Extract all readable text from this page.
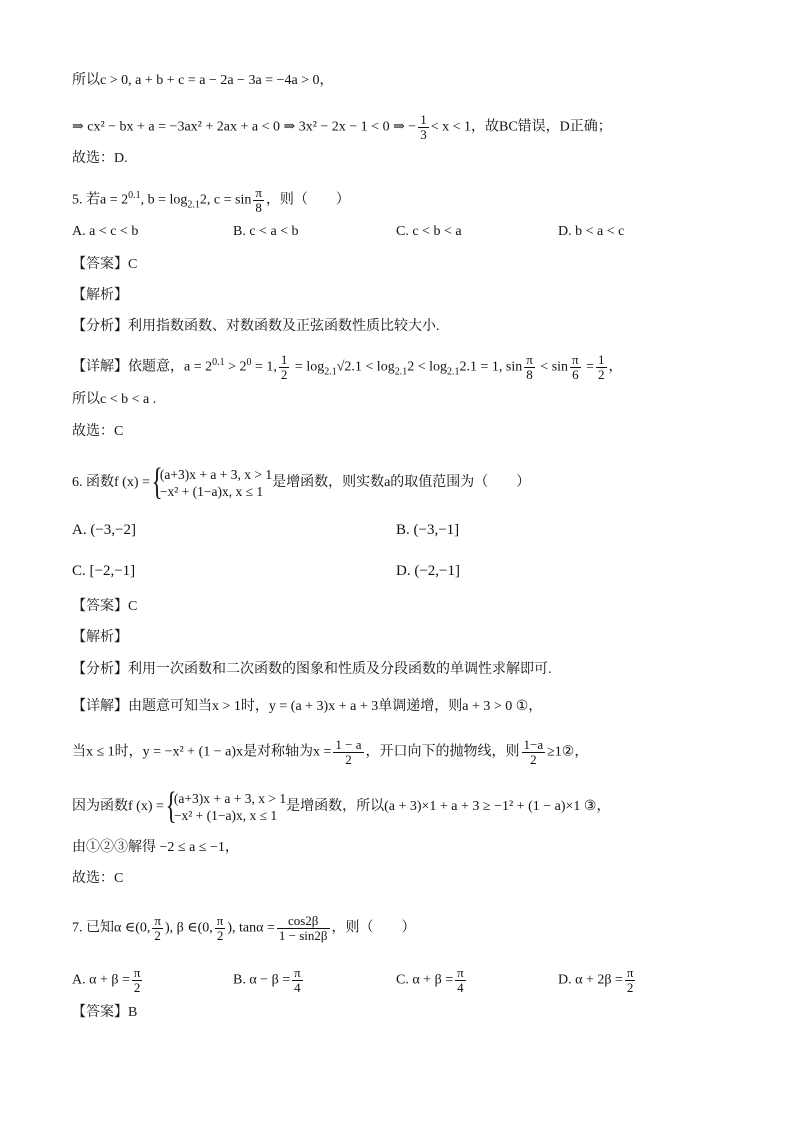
所以c > 0, a + b + c = a − 2a − 3a = −4a > 0，
⇒ cx² − bx + a = −3ax² + 2ax + a < 0 ⇒ 3x² − 2x − 1 < 0 ⇒ − $\frac{1}{3} < x < 1$，故BC错误，D正确；
故选：D.
5. 若$a = 2^{0.1}$, $b = \log_{2.1}2$, $c = \sin \frac{\pi}{8}$ ，则（　　）
A. a < c < b	B. c < a < b	C. c < b < a	D. b < a < c
【答案】C
【解析】
【分析】利用指数函数、对数函数及正弦函数性质比较大小.
【详解】依题意，$a = 2^{0.1} > 2^0 = 1$, $\frac{1}{2} = \log_{2.1}√2.1 < \log_{2.1}2 < \log_{2.1}2.1 = 1$, $\sin \frac{\pi}{8} < \sin \frac{\pi}{6} = \frac{1}{2}$ ，
所以c < b < a .
故选：C
6. 函数f (x) ={ (a+3)x + a + 3, x > 1
−x² + (1−a)x, x ≤ 1是增函数，则实数a的取值范围为（　　）
A. (−3,−2]	B. (−3,−1]
C. [−2,−1]	D. (−2,−1]
【答案】C
【解析】
【分析】利用一次函数和二次函数的图象和性质及分段函数的单调性求解即可.
【详解】由题意可知当x > 1时，y = (a + 3)x + a + 3单调递增，则a + 3 > 0 ①，
当x ≤ 1时，y = −x² + (1 − a)x是对称轴为$x = \frac{1 - a}{2}$ ，开口向下的抛物线，则 $\frac{1-a}{2}$ ≥1②，
因为函数f (x) ={ (a+3)x + a + 3, x > 1
−x² + (1−a)x, x ≤ 1是增函数，所以(a + 3)×1 + a + 3 ≥ −1² + (1 − a)×1 ③，
由①②③解得 −2 ≤ a ≤ −1，
故选：C
7. 已知α ∈(0, $\frac{\pi}{2}$ ), β ∈(0, $\frac{\pi}{2}$ ), $\tan\alpha = \frac{\cos 2\beta}{1 - \sin 2\beta}$ ，则（　　）
A. $\alpha + \beta = \frac{\pi}{2}$	B. $\alpha - \beta = \frac{\pi}{4}$	C. $\alpha + \beta = \frac{\pi}{4}$	D. $\alpha + 2\beta = \frac{\pi}{2}$
【答案】B
